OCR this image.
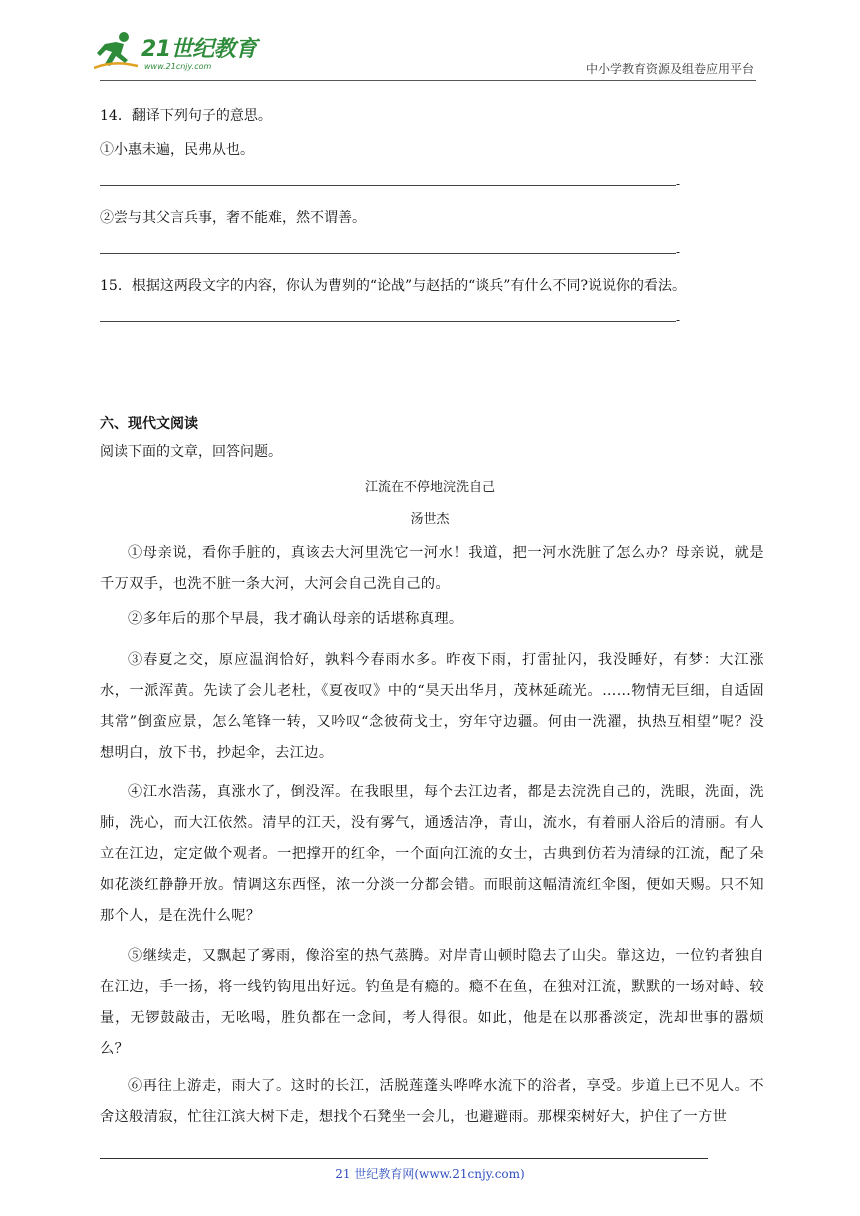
21世纪教育
www.21cnjy.com	中小学教育资源及组卷应用平台
14．翻译下列句子的意思。
①小惠未遍，民弗从也。
-
②尝与其父言兵事，奢不能难，然不谓善。
-
15．根据这两段文字的内容，你认为曹刿的“论战”与赵括的“谈兵”有什么不同?说说你的看法。
-
六、现代文阅读
阅读下面的文章，回答问题。
江流在不停地浣洗自己
汤世杰
①母亲说，看你手脏的，真该去大河里洗它一河水！我道，把一河水洗脏了怎么办？母亲说，就是千万双手，也洗不脏一条大河，大河会自己洗自己的。
②多年后的那个早晨，我才确认母亲的话堪称真理。
③春夏之交，原应温润恰好，孰料今春雨水多。昨夜下雨，打雷扯闪，我没睡好，有梦：大江涨水，一派浑黄。先读了会儿老杜，《夏夜叹》中的“昊天出华月，茂林延疏光。……物情无巨细，自适固其常”倒蛮应景，怎么笔锋一转，又吟叹“念彼荷戈士，穷年守边疆。何由一洗濯，执热互相望”呢？没想明白，放下书，抄起伞，去江边。
④江水浩荡，真涨水了，倒没浑。在我眼里，每个去江边者，都是去浣洗自己的，洗眼，洗面，洗肺，洗心，而大江依然。清早的江天，没有雾气，通透洁净，青山，流水，有着丽人浴后的清丽。有人立在江边，定定做个观者。一把撑开的红伞，一个面向江流的女士，古典到仿若为清绿的江流，配了朵如花淡红静静开放。情调这东西怪，浓一分淡一分都会错。而眼前这幅清流红伞图，便如天赐。只不知那个人，是在洗什么呢？
⑤继续走，又飘起了雾雨，像浴室的热气蒸腾。对岸青山顿时隐去了山尖。靠这边，一位钓者独自在江边，手一扬，将一线钓钩甩出好远。钓鱼是有瘾的。瘾不在鱼，在独对江流，默默的一场对峙、较量，无锣鼓敲击，无吆喝，胜负都在一念间，考人得很。如此，他是在以那番淡定，洗却世事的嚣烦么？
⑥再往上游走，雨大了。这时的长江，活脱莲蓬头哗哗水流下的浴者，享受。步道上已不见人。不舍这般清寂，忙往江滨大树下走，想找个石凳坐一会儿，也避避雨。那棵栾树好大，护住了一方世
21 世纪教育网(www.21cnjy.com)
